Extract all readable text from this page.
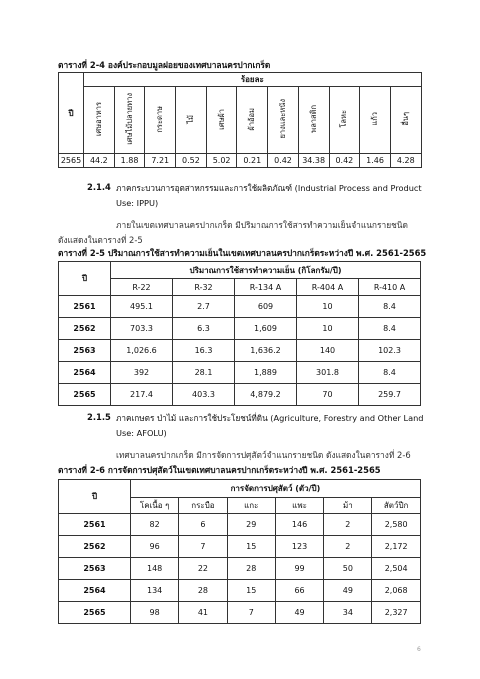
ตารางที่ 2-4 องค์ประกอบมูลฝอยของเทศบาลนครปากเกร็ด
ปี	ร้อยละ										
	เศษอาหาร	เศษไม้ปลายทาง	กระดาษ	ไม้	เศษผ้า	ผ้าอ้อม	ยางและหนัง	พลาสติก	โลหะ	แก้ว	อื่นๆ
2565	44.2	1.88	7.21	0.52	5.02	0.21	0.42	34.38	0.42	1.46	4.28
2.1.4 ภาคกระบวนการอุตสาหกรรมและการใช้ผลิตภัณฑ์ (Industrial Process and Product
Use: IPPU)
ภายในเขตเทศบาลนครปากเกร็ด มีปริมาณการใช้สารทำความเย็นจำแนกรายชนิด
ดังแสดงในตารางที่ 2-5
ตารางที่ 2-5 ปริมาณการใช้สารทำความเย็นในเขตเทศบาลนครปากเกร็ดระหว่างปี พ.ศ. 2561-2565
ปี	ปริมาณการใช้สารทำความเย็น (กิโลกรัม/ปี)				
	R-22	R-32	R-134 A	R-404 A	R-410 A
2561	495.1	2.7	609	10	8.4
2562	703.3	6.3	1,609	10	8.4
2563	1,026.6	16.3	1,636.2	140	102.3
2564	392	28.1	1,889	301.8	8.4
2565	217.4	403.3	4,879.2	70	259.7
2.1.5 ภาคเกษตร ป่าไม้ และการใช้ประโยชน์ที่ดิน (Agriculture, Forestry and Other Land
Use: AFOLU)
เทศบาลนครปากเกร็ด มีการจัดการปศุสัตว์จำแนกรายชนิด ดังแสดงในตารางที่ 2-6
ตารางที่ 2-6 การจัดการปศุสัตว์ในเขตเทศบาลนครปากเกร็ดระหว่างปี พ.ศ. 2561-2565
ปี	การจัดการปศุสัตว์ (ตัว/ปี)					
	โคเนื้อ ๆ	กระบือ	แกะ	แพะ	ม้า	สัตว์ปีก
2561	82	6	29	146	2	2,580
2562	96	7	15	123	2	2,172
2563	148	22	28	99	50	2,504
2564	134	28	15	66	49	2,068
2565	98	41	7	49	34	2,327
6
